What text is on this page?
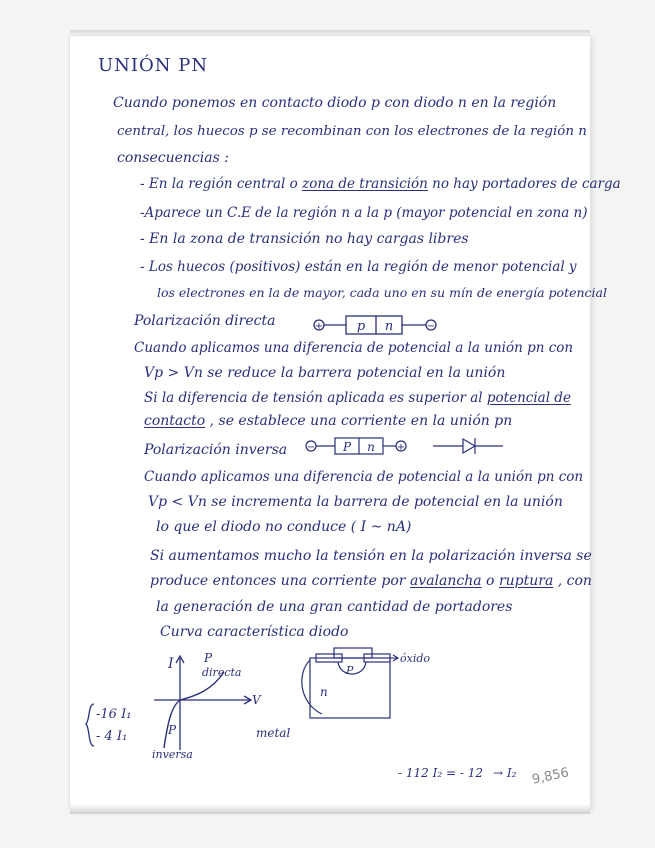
UNIÓN PN
Cuando ponemos en contacto diodo p con diodo n en la región
central, los huecos p se recombinan con los electrones de la región n
consecuencias :
- En la región central o zona de transición no hay portadores de carga
-Aparece un C.E de la región n a la p (mayor potencial en zona n)
- En la zona de transición no hay cargas libres
- Los huecos (positivos) están en la región de menor potencial y
los electrones en la de mayor, cada uno en su mín de energía potencial
Polarización directa	+	p n	−
Cuando aplicamos una diferencia de potencial a la unión pn con
Vp > Vn se reduce la barrera potencial en la unión
Si la diferencia de tensión aplicada es superior al potencial de
contacto , se establece una corriente en la unión pn
Polarización inversa − P n +
Cuando aplicamos una diferencia de potencial a la unión pn con
Vp < Vn se incrementa la barrera de potencial en la unión
lo que el diodo no conduce ( I ~ nA)
Si aumentamos mucho la tensión en la polarización inversa se
produce entonces una corriente por avalancha o ruptura , con
la generación de una gran cantidad de portadores
Curva característica diodo
I
V
P
directa
P
inversa
P
n
óxido
metal
-16 I₁
- 4 I₁
- 112 I₂ = - 12 → I₂ 9,856
